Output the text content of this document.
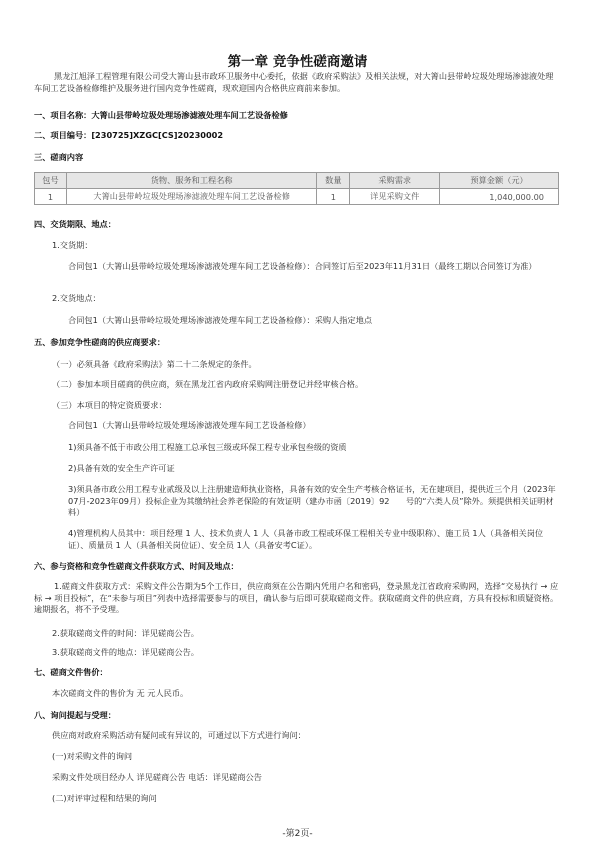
第一章 竞争性磋商邀请
黑龙江旭泽工程管理有限公司受大箐山县市政环卫服务中心委托，依据《政府采购法》及相关法规，对大箐山县带岭垃圾处理场渗滤液处理车间工艺设备检修维护及服务进行国内竞争性磋商，现欢迎国内合格供应商前来参加。
一、项目名称：大箐山县带岭垃圾处理场渗滤液处理车间工艺设备检修
二、项目编号：[230725]XZGC[CS]20230002
三、磋商内容
包号	货物、服务和工程名称	数量	采购需求	预算金额（元）
1	大箐山县带岭垃圾处理场渗滤液处理车间工艺设备检修	1	详见采购文件	1,040,000.00
四、交货期限、地点：
1.交货期：
合同包1（大箐山县带岭垃圾处理场渗滤液处理车间工艺设备检修）：合同签订后至2023年11月31日（最终工期以合同签订为准）
2.交货地点：
合同包1（大箐山县带岭垃圾处理场渗滤液处理车间工艺设备检修）：采购人指定地点
五、参加竞争性磋商的供应商要求：
（一）必须具备《政府采购法》第二十二条规定的条件。
（二）参加本项目磋商的供应商，须在黑龙江省内政府采购网注册登记并经审核合格。
（三）本项目的特定资质要求：
合同包1（大箐山县带岭垃圾处理场渗滤液处理车间工艺设备检修）
1)须具备不低于市政公用工程施工总承包三级或环保工程专业承包叁级的资质
2)具备有效的安全生产许可证
3)须具备市政公用工程专业贰级及以上注册建造师执业资格，具备有效的安全生产考核合格证书，无在建项目，提供近三个月（2023年07月-2023年09月）投标企业为其缴纳社会养老保险的有效证明（建办市函〔2019〕92　　号的“六类人员”除外。须提供相关证明材料）
4)管理机构人员其中：项目经理 1 人、技术负责人 1 人（具备市政工程或环保工程相关专业中级职称）、施工员 1人（具备相关岗位证）、质量员 1 人（具备相关岗位证）、安全员 1人（具备安考C证）。
六、参与资格和竞争性磋商文件获取方式、时间及地点：
1.磋商文件获取方式：采购文件公告期为5个工作日，供应商须在公告期内凭用户名和密码，登录黑龙江省政府采购网，选择“交易执行 → 应标 → 项目投标”，在“未参与项目”列表中选择需要参与的项目，确认参与后即可获取磋商文件。获取磋商文件的供应商，方具有投标和质疑资格。逾期报名，将不予受理。
2.获取磋商文件的时间：详见磋商公告。
3.获取磋商文件的地点：详见磋商公告。
七、磋商文件售价：
本次磋商文件的售价为 无 元人民币。
八、询问提起与受理：
供应商对政府采购活动有疑问或有异议的，可通过以下方式进行询问：
(一)对采购文件的询问
采购文件处项目经办人 详见磋商公告 电话：详见磋商公告
(二)对评审过程和结果的询问
-第2页-
